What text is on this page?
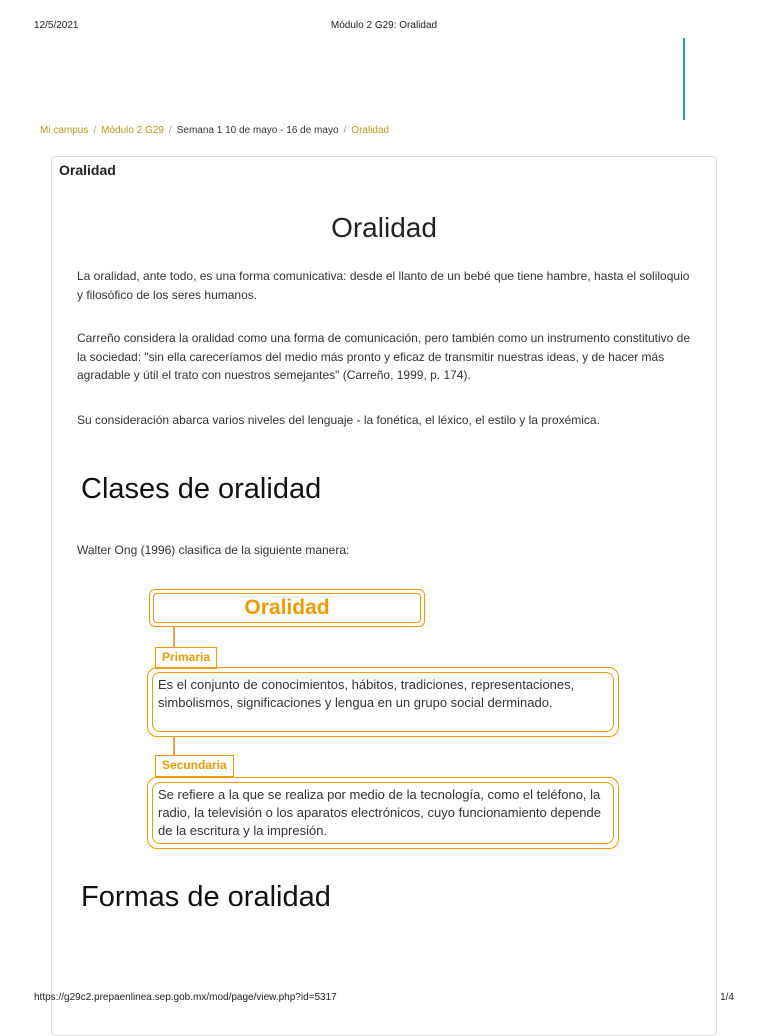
12/5/2021	Módulo 2 G29: Oralidad
Mi campus / Módulo 2 G29 / Semana 1 10 de mayo - 16 de mayo / Oralidad
Oralidad
Oralidad

La oralidad, ante todo, es una forma comunicativa: desde el llanto de un bebé que tiene hambre, hasta el soliloquio y filosófico de los seres humanos.

Carreño considera la oralidad como una forma de comunicación, pero también como un instrumento constitutivo de la sociedad: "sin ella careceríamos del medio más pronto y eficaz de transmitir nuestras ideas, y de hacer más agradable y útil el trato con nuestros semejantes" (Carreño, 1999, p. 174).

Su consideración abarca varios niveles del lenguaje - la fonética, el léxico, el estilo y la proxémica.

Clases de oralidad

Walter Ong (1996) clasifica de la siguiente manera:

Oralidad
Primaria
Es el conjunto de conocimientos, hábitos, tradiciones, representaciones, simbolismos, significaciones y lengua en un grupo social derminado.
Secundaria
Se refiere a la que se realiza por medio de la tecnología, como el teléfono, la radio, la televisión o los aparatos electrónicos, cuyo funcionamiento depende de la escritura y la impresión.
Formas de oralidad
https://g29c2.prepaenlinea.sep.gob.mx/mod/page/view.php?id=5317	1/4
